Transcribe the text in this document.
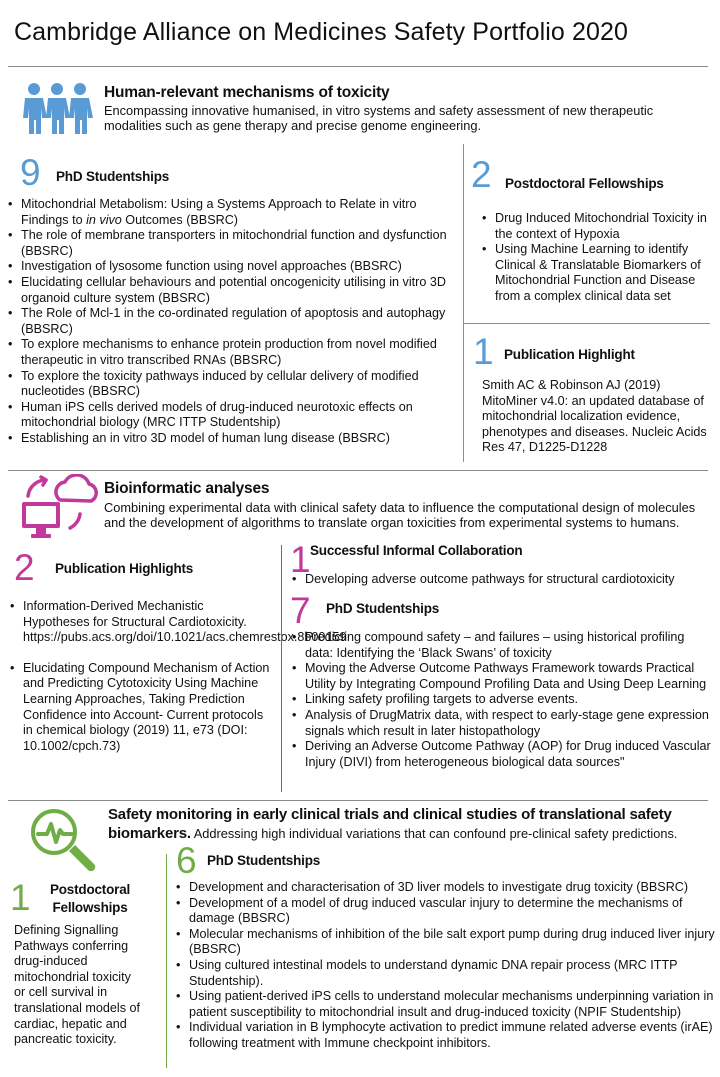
Cambridge Alliance on Medicines Safety Portfolio 2020
Human-relevant mechanisms of toxicity
Encompassing innovative humanised, in vitro systems and safety assessment of new therapeutic modalities such as gene therapy and precise genome engineering.
9 PhD Studentships
• Mitochondrial Metabolism: Using a Systems Approach to Relate in vitro Findings to in vivo Outcomes (BBSRC)
• The role of membrane transporters in mitochondrial function and dysfunction (BBSRC)
• Investigation of lysosome function using novel approaches (BBSRC)
• Elucidating cellular behaviours and potential oncogenicity utilising in vitro 3D organoid culture system (BBSRC)
• The Role of Mcl-1 in the co-ordinated regulation of apoptosis and autophagy (BBSRC)
• To explore mechanisms to enhance protein production from novel modified therapeutic in vitro transcribed RNAs (BBSRC)
• To explore the toxicity pathways induced by cellular delivery of modified nucleotides (BBSRC)
• Human iPS cells derived models of drug-induced neurotoxic effects on mitochondrial biology (MRC ITTP Studentship)
• Establishing an in vitro 3D model of human lung disease (BBSRC)
2 Postdoctoral Fellowships
• Drug Induced Mitochondrial Toxicity in the context of Hypoxia
• Using Machine Learning to identify Clinical & Translatable Biomarkers of Mitochondrial Function and Disease from a complex clinical data set
1 Publication Highlight
Smith AC & Robinson AJ (2019) MitoMiner v4.0: an updated database of mitochondrial localization evidence, phenotypes and diseases. Nucleic Acids Res 47, D1225-D1228
Bioinformatic analyses
Combining experimental data with clinical safety data to influence the computational design of molecules and the development of algorithms to translate organ toxicities from experimental systems to humans.
2 Publication Highlights
• Information-Derived Mechanistic Hypotheses for Structural Cardiotoxicity. https://pubs.acs.org/doi/10.1021/acs.chemrestox.8b00159
• Elucidating Compound Mechanism of Action and Predicting Cytotoxicity Using Machine Learning Approaches, Taking Prediction Confidence into Account- Current protocols in chemical biology (2019) 11, e73 (DOI: 10.1002/cpch.73)
1 Successful Informal Collaboration
• Developing adverse outcome pathways for structural cardiotoxicity
7 PhD Studentships
• Predicting compound safety – and failures – using historical profiling data: Identifying the ‘Black Swans’ of toxicity
• Moving the Adverse Outcome Pathways Framework towards Practical Utility by Integrating Compound Profiling Data and Using Deep Learning
• Linking safety profiling targets to adverse events.
• Analysis of DrugMatrix data, with respect to early-stage gene expression signals which result in later histopathology
• Deriving an Adverse Outcome Pathway (AOP) for Drug induced Vascular Injury (DIVI) from heterogeneous biological data sources"
Safety monitoring in early clinical trials and clinical studies of translational safety biomarkers. Addressing high individual variations that can confound pre-clinical safety predictions.
1	Postdoctoral Fellowships
Defining Signalling Pathways conferring drug-induced mitochondrial toxicity or cell survival in translational models of cardiac, hepatic and pancreatic toxicity.
6 PhD Studentships
• Development and characterisation of 3D liver models to investigate drug toxicity (BBSRC)
• Development of a model of drug induced vascular injury to determine the mechanisms of damage (BBSRC)
• Molecular mechanisms of inhibition of the bile salt export pump during drug induced liver injury (BBSRC)
• Using cultured intestinal models to understand dynamic DNA repair process (MRC ITTP Studentship).
• Using patient-derived iPS cells to understand molecular mechanisms underpinning variation in patient susceptibility to mitochondrial insult and drug-induced toxicity (NPIF Studentship)
• Individual variation in B lymphocyte activation to predict immune related adverse events (irAE) following treatment with Immune checkpoint inhibitors.
